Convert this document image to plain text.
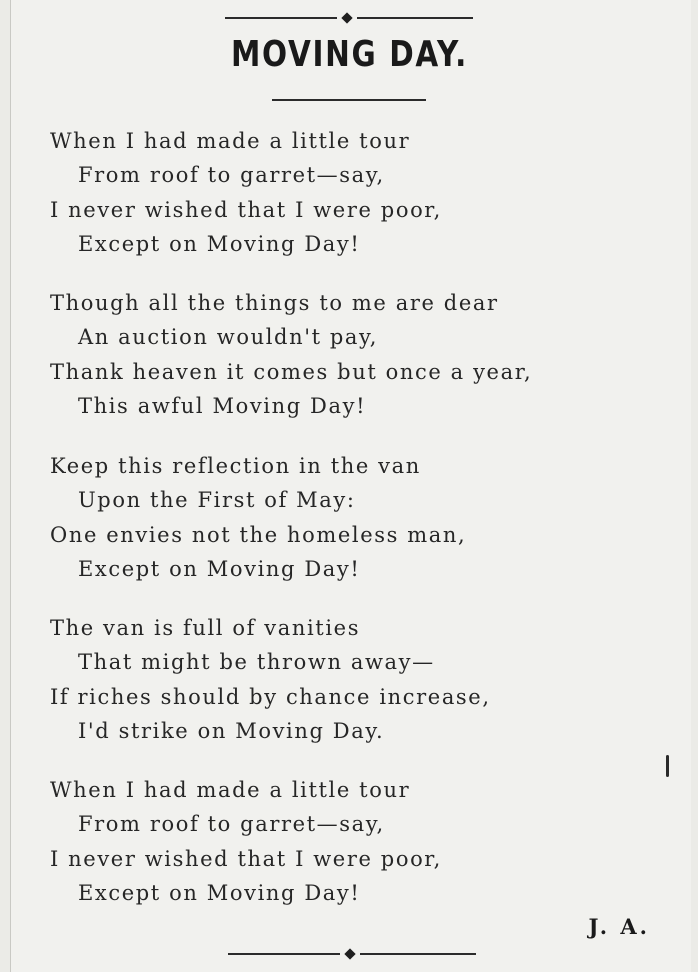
MOVING DAY.
When I had made a little tour
From roof to garret—say,
I never wished that I were poor,
Except on Moving Day!
Though all the things to me are dear
An auction wouldn't pay,
Thank heaven it comes but once a year,
This awful Moving Day!
Keep this reflection in the van
Upon the First of May:
One envies not the homeless man,
Except on Moving Day!
The van is full of vanities
That might be thrown away—
If riches should by chance increase,
I'd strike on Moving Day.
When I had made a little tour
From roof to garret—say,
I never wished that I were poor,
Except on Moving Day!
J. A.
